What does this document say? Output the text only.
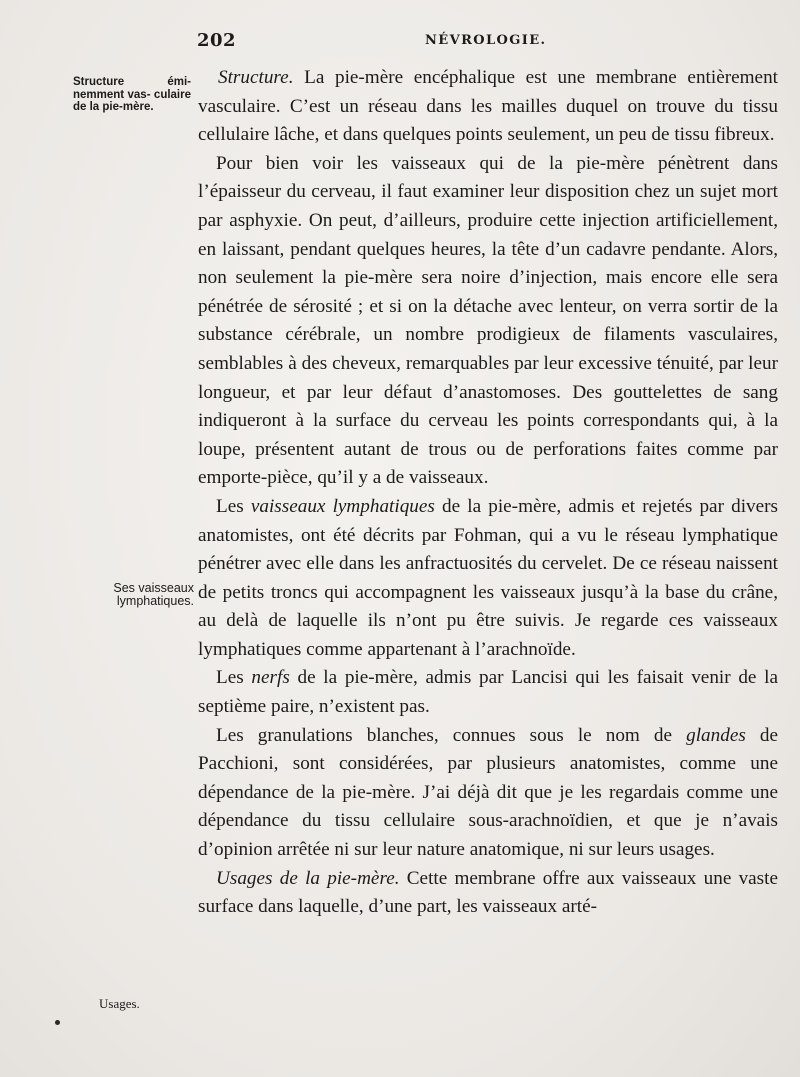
202	NÉVROLOGIE.
Structure émi- nemment vas- culaire de la pie-mère.
Ses vaisseaux lymphatiques.
Usages.

Structure. La pie-mère encéphalique est une membrane entièrement vasculaire. C’est un réseau dans les mailles duquel on trouve du tissu cellulaire lâche, et dans quelques points seulement, un peu de tissu fibreux.

Pour bien voir les vaisseaux qui de la pie-mère pénètrent dans l’épaisseur du cerveau, il faut examiner leur disposition chez un sujet mort par asphyxie. On peut, d’ailleurs, produire cette injection artificiellement, en laissant, pendant quelques heures, la tête d’un cadavre pendante. Alors, non seulement la pie-mère sera noire d’injection, mais encore elle sera pénétrée de sérosité ; et si on la détache avec lenteur, on verra sortir de la substance cérébrale, un nombre prodigieux de filaments vasculaires, semblables à des cheveux, remarquables par leur excessive ténuité, par leur longueur, et par leur défaut d’anastomoses. Des gouttelettes de sang indiqueront à la surface du cerveau les points correspondants qui, à la loupe, présentent autant de trous ou de perforations faites comme par emporte-pièce, qu’il y a de vaisseaux.

Les vaisseaux lymphatiques de la pie-mère, admis et rejetés par divers anatomistes, ont été décrits par Fohman, qui a vu le réseau lymphatique pénétrer avec elle dans les anfractuosités du cervelet. De ce réseau naissent de petits troncs qui accompagnent les vaisseaux jusqu’à la base du crâne, au delà de laquelle ils n’ont pu être suivis. Je regarde ces vaisseaux lymphatiques comme appartenant à l’arachnoïde.

Les nerfs de la pie-mère, admis par Lancisi qui les faisait venir de la septième paire, n’existent pas.

Les granulations blanches, connues sous le nom de glandes de Pacchioni, sont considérées, par plusieurs anatomistes, comme une dépendance de la pie-mère. J’ai déjà dit que je les regardais comme une dépendance du tissu cellulaire sous-arachnoïdien, et que je n’avais d’opinion arrêtée ni sur leur nature anatomique, ni sur leurs usages.

Usages de la pie-mère. Cette membrane offre aux vaisseaux une vaste surface dans laquelle, d’une part, les vaisseaux arté-
